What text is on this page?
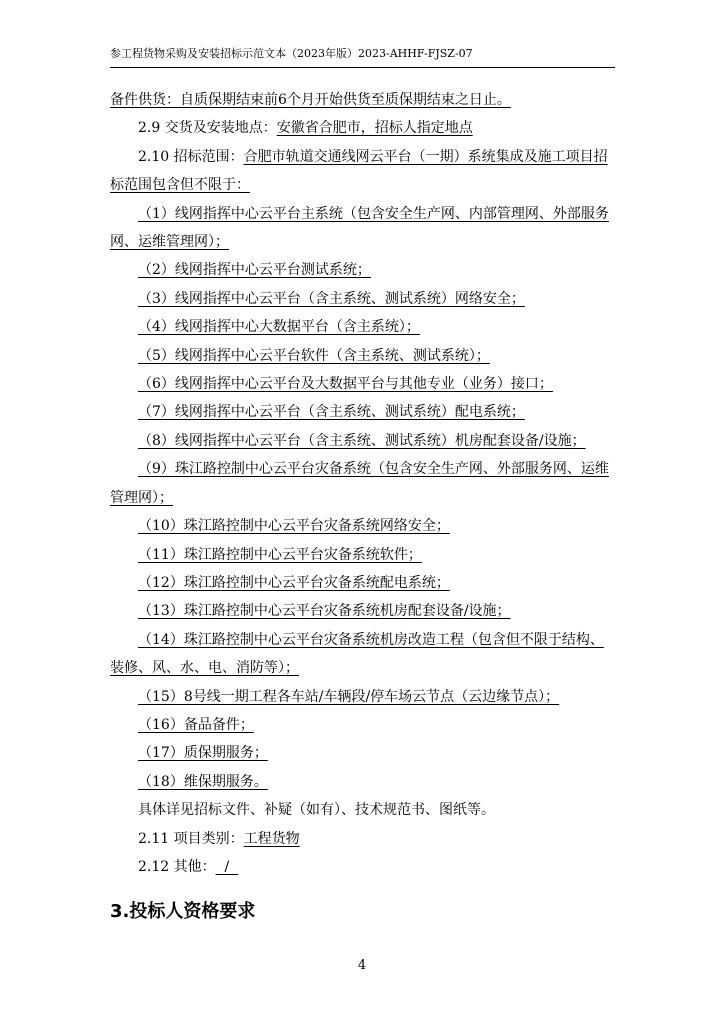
参工程货物采购及安装招标示范文本（2023年版）2023-AHHF-FJSZ-07

备件供货：自质保期结束前6个月开始供货至质保期结束之日止。

2.9 交货及安装地点：安徽省合肥市，招标人指定地点

2.10 招标范围：合肥市轨道交通线网云平台（一期）系统集成及施工项目招标范围包含但不限于：

（1）线网指挥中心云平台主系统（包含安全生产网、内部管理网、外部服务网、运维管理网）；

（2）线网指挥中心云平台测试系统；

（3）线网指挥中心云平台（含主系统、测试系统）网络安全；

（4）线网指挥中心大数据平台（含主系统）；

（5）线网指挥中心云平台软件（含主系统、测试系统）；

（6）线网指挥中心云平台及大数据平台与其他专业（业务）接口；

（7）线网指挥中心云平台（含主系统、测试系统）配电系统；

（8）线网指挥中心云平台（含主系统、测试系统）机房配套设备/设施；

（9）珠江路控制中心云平台灾备系统（包含安全生产网、外部服务网、运维管理网）；

（10）珠江路控制中心云平台灾备系统网络安全；

（11）珠江路控制中心云平台灾备系统软件；

（12）珠江路控制中心云平台灾备系统配电系统；

（13）珠江路控制中心云平台灾备系统机房配套设备/设施；

（14）珠江路控制中心云平台灾备系统机房改造工程（包含但不限于结构、装修、风、水、电、消防等）；

（15）8号线一期工程各车站/车辆段/停车场云节点（云边缘节点）；

（16）备品备件；

（17）质保期服务；

（18）维保期服务。

具体详见招标文件、补疑（如有）、技术规范书、图纸等。

2.11 项目类别：工程货物

2.12 其他：  /

3.投标人资格要求
4
